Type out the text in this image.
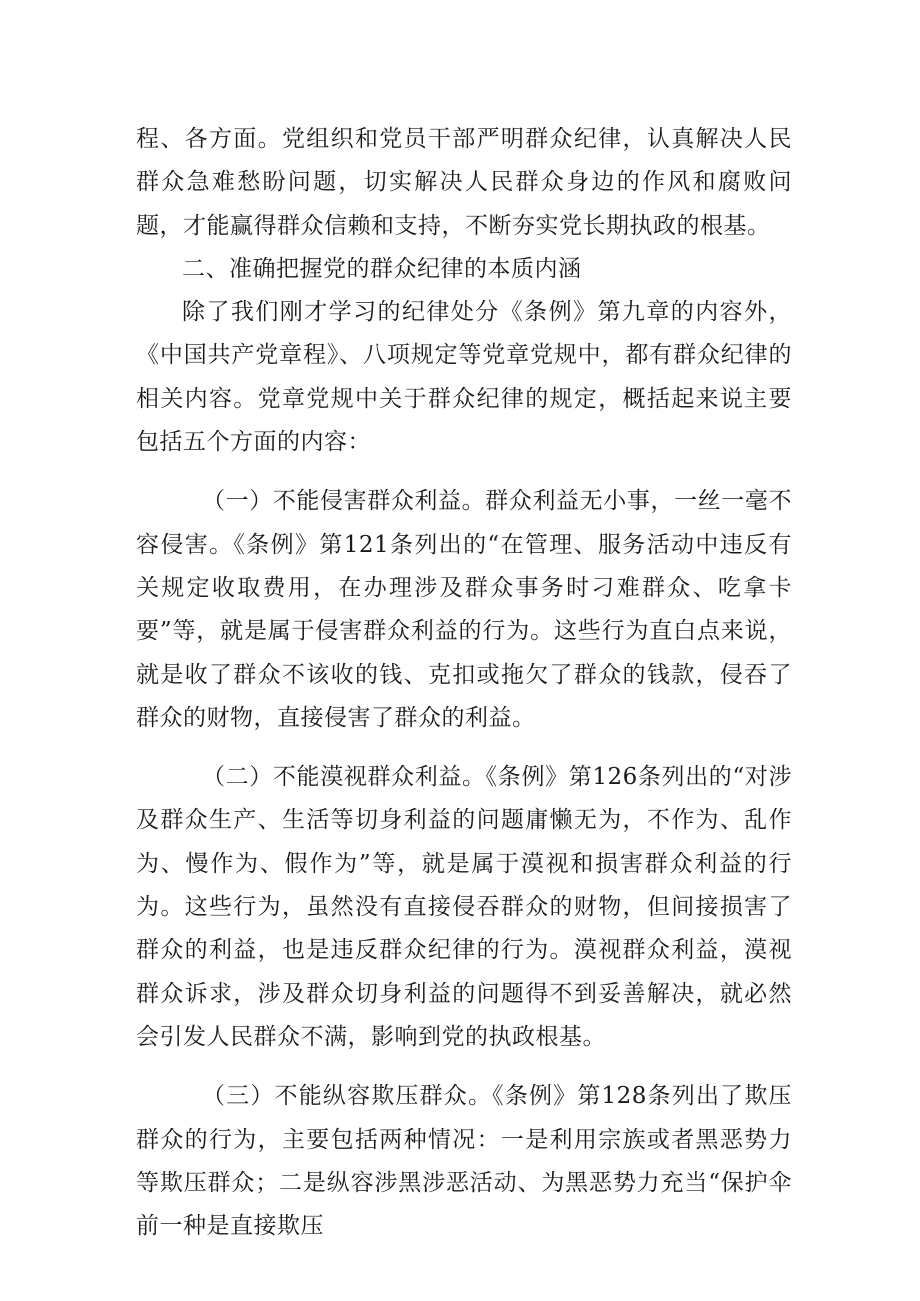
程、各方面。党组织和党员干部严明群众纪律，认真解决人民群众急难愁盼问题，切实解决人民群众身边的作风和腐败问题，才能赢得群众信赖和支持，不断夯实党长期执政的根基。

二、准确把握党的群众纪律的本质内涵

除了我们刚才学习的纪律处分《条例》第九章的内容外，《中国共产党章程》、八项规定等党章党规中，都有群众纪律的相关内容。党章党规中关于群众纪律的规定，概括起来说主要包括五个方面的内容：

（一）不能侵害群众利益。群众利益无小事，一丝一毫不容侵害。《条例》第121条列出的“在管理、服务活动中违反有关规定收取费用，在办理涉及群众事务时刁难群众、吃拿卡要”等，就是属于侵害群众利益的行为。这些行为直白点来说，就是收了群众不该收的钱、克扣或拖欠了群众的钱款，侵吞了群众的财物，直接侵害了群众的利益。

（二）不能漠视群众利益。《条例》第126条列出的“对涉及群众生产、生活等切身利益的问题庸懒无为，不作为、乱作为、慢作为、假作为”等，就是属于漠视和损害群众利益的行为。这些行为，虽然没有直接侵吞群众的财物，但间接损害了群众的利益，也是违反群众纪律的行为。漠视群众利益，漠视群众诉求，涉及群众切身利益的问题得不到妥善解决，就必然会引发人民群众不满，影响到党的执政根基。

（三）不能纵容欺压群众。《条例》第128条列出了欺压群众的行为，主要包括两种情况：一是利用宗族或者黑恶势力等欺压群众；二是纵容涉黑涉恶活动、为黑恶势力充当“保护伞前一种是直接欺压
